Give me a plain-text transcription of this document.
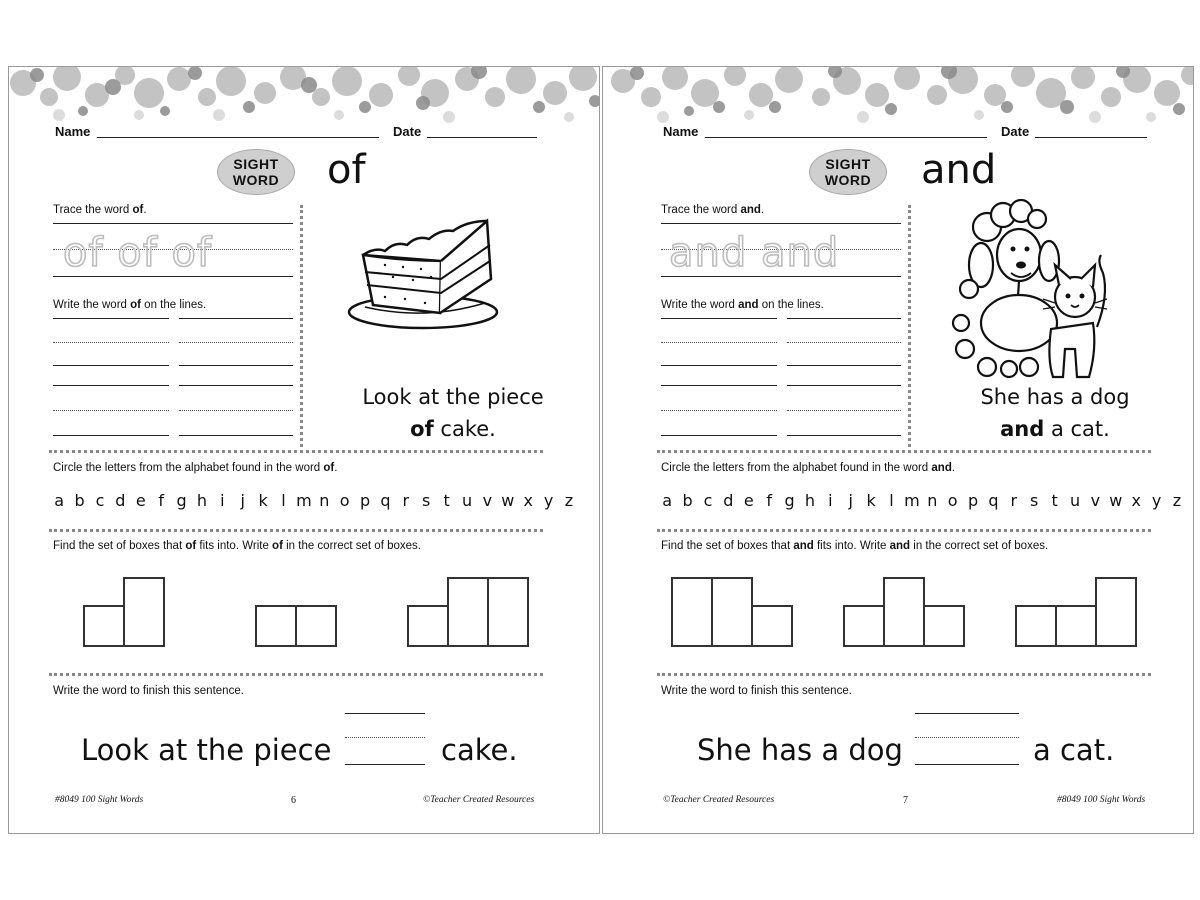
Name	Date
SIGHT
WORD of
Trace the word of.
of of of
Write the word of on the lines.
Look at the piece
of cake.
Circle the letters from the alphabet found in the word of.
a b c d e f g h i j k l m n o p q r s t u v w x y z
Find the set of boxes that of fits into. Write of in the correct set of boxes.
Write the word to finish this sentence.
Look at the piece	cake.
#8049 100 Sight Words	6	©Teacher Created Resources
Name	Date
SIGHT
WORD and
Trace the word and.
and and
Write the word and on the lines.
She has a dog
and a cat.
Circle the letters from the alphabet found in the word and.
a b c d e f g h i j k l m n o p q r s t u v w x y z
Find the set of boxes that and fits into. Write and in the correct set of boxes.
Write the word to finish this sentence.
She has a dog	a cat.
©Teacher Created Resources	7	#8049 100 Sight Words
